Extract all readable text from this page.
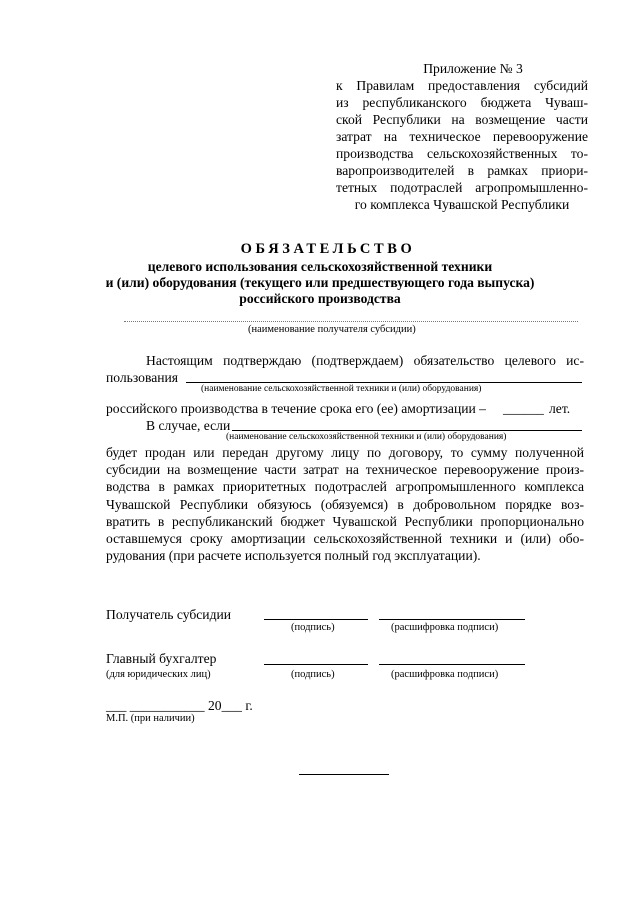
Приложение № 3
к Правилам предоставления субсидий
из республиканского бюджета Чуваш-
ской Республики на возмещение части
затрат на техническое перевооружение
производства сельскохозяйственных то-
варопроизводителей в рамках приори-
тетных подотраслей агропромышленно-
го комплекса Чувашской Республики
ОБЯЗАТЕЛЬСТВО
целевого использования сельскохозяйственной техники
и (или) оборудования (текущего или предшествующего года выпуска)
российского производства
(наименование получателя субсидии)
Настоящим подтверждаю (подтверждаем) обязательство целевого ис-
пользования
(наименование сельскохозяйственной техники и (или) оборудования)
российского производства в течение срока его (ее) амортизации – ______ лет.
В случае, если
(наименование сельскохозяйственной техники и (или) оборудования)
будет продан или передан другому лицу по договору, то сумму полученной
субсидии на возмещение части затрат на техническое перевооружение произ-
водства в рамках приоритетных подотраслей агропромышленного комплекса
Чувашской Республики обязуюсь (обязуемся) в добровольном порядке воз-
вратить в республиканский бюджет Чувашской Республики пропорционально
оставшемуся сроку амортизации сельскохозяйственной техники и (или) обо-
рудования (при расчете используется полный год эксплуатации).
Получатель субсидии
(подпись)	(расшифровка подписи)
Главный бухгалтер
(для юридических лиц)	(подпись)	(расшифровка подписи)
___ ___________ 20___ г.
М.П. (при наличии)
